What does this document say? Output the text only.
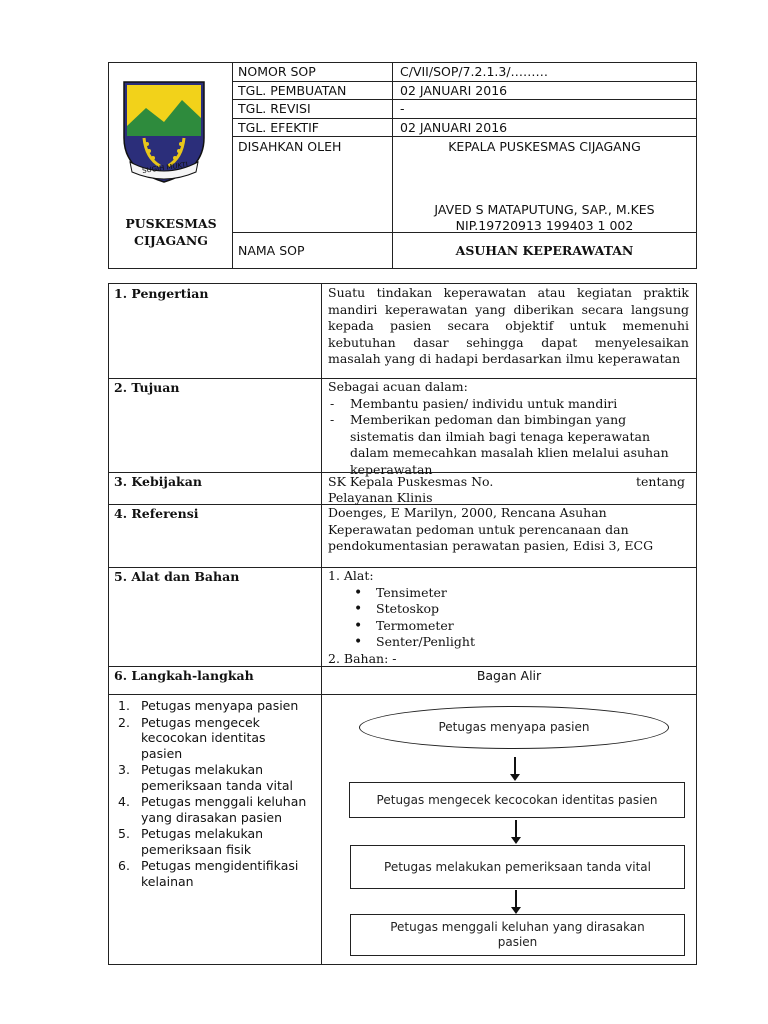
SUGIH MUKTI
PUSKESMAS
CIJAGANG
NOMOR SOP	C/VII/SOP/7.2.1.3/………
TGL. PEMBUATAN	02 JANUARI 2016
TGL. REVISI	-
TGL. EFEKTIF	02 JANUARI 2016
DISAHKAN OLEH	KEPALA PUSKESMAS CIJAGANG
JAVED S MATAPUTUNG, SAP., M.KES
NIP.19720913 199403 1 002
NAMA SOP	ASUHAN KEPERAWATAN
1. Pengertian	Suatu tindakan keperawatan atau kegiatan praktik mandiri keperawatan yang diberikan secara langsung kepada pasien secara objektif untuk memenuhi kebutuhan dasar sehingga dapat menyelesaikan masalah yang di hadapi berdasarkan ilmu keperawatan
2. Tujuan	Sebagai acuan dalam:
- Membantu pasien/ individu untuk mandiri
- Memberikan pedoman dan bimbingan yang sistematis dan ilmiah bagi tenaga keperawatan dalam memecahkan masalah klien melalui asuhan keperawatan
3. Kebijakan	SK Kepala Puskesmas No.	tentang
Pelayanan Klinis
4. Referensi	Doenges, E Marilyn, 2000, Rencana Asuhan Keperawatan pedoman untuk perencanaan dan pendokumentasian perawatan pasien, Edisi 3, ECG
5. Alat dan Bahan	1. Alat:
• Tensimeter
• Stetoskop
• Termometer
• Senter/Penlight
2. Bahan: -
6. Langkah-langkah	Bagan Alir
1. Petugas menyapa pasien
2. Petugas mengecek kecocokan identitas pasien
3. Petugas melakukan pemeriksaan tanda vital
4. Petugas menggali keluhan yang dirasakan pasien
5. Petugas melakukan pemeriksaan fisik
6. Petugas mengidentifikasi kelainan
Petugas menyapa pasien
Petugas mengecek kecocokan identitas pasien
Petugas melakukan pemeriksaan tanda vital
Petugas menggali keluhan yang dirasakan pasien
